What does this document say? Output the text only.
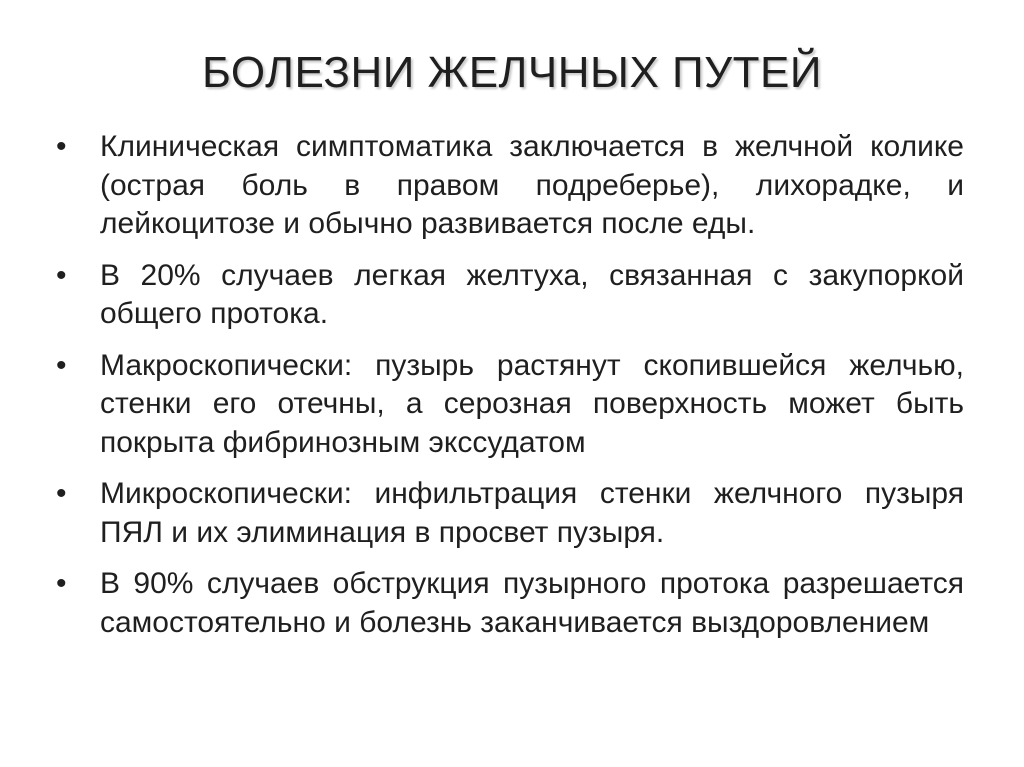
БОЛЕЗНИ ЖЕЛЧНЫХ ПУТЕЙ
•	Клиническая симптоматика заключается в желчной колике (острая боль в правом подреберье), лихорадке, и лейкоцитозе и обычно развивается после еды.
•	В 20% случаев легкая желтуха, связанная с закупоркой общего протока.
•	Макроскопически: пузырь растянут скопившейся желчью, стенки его отечны, а серозная поверхность может быть покрыта фибринозным экссудатом
•	Микроскопически: инфильтрация стенки желчного пузыря ПЯЛ и их элиминация в просвет пузыря.
•	В 90% случаев обструкция пузырного протока разрешается самостоятельно и болезнь заканчивается выздоровлением
